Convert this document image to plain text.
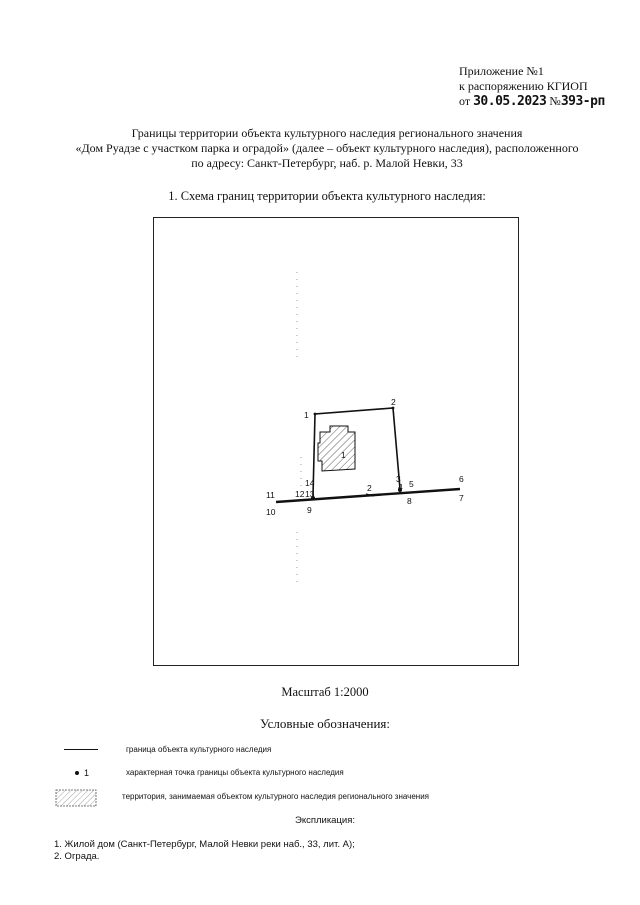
Приложение №1
к распоряжению КГИОП
от 30.05.2023 №393-рп
Границы территории объекта культурного наследия регионального значения
«Дом Руадзе с участком парка и оградой» (далее – объект культурного наследия), расположенного
по адресу: Санкт-Петербург, наб. р. Малой Невки, 33
1. Схема границ территории объекта культурного наследия:
1
2
1
2
3
4 5	6
7
8
9
10
11 12 13
14
Масштаб 1:2000
Условные обозначения:
граница объекта культурного наследия
1	характерная точка границы объекта культурного наследия
территория, занимаемая объектом культурного наследия регионального значения
Экспликация:
1. Жилой дом (Санкт-Петербург, Малой Невки реки наб., 33, лит. А);
2. Ограда.
